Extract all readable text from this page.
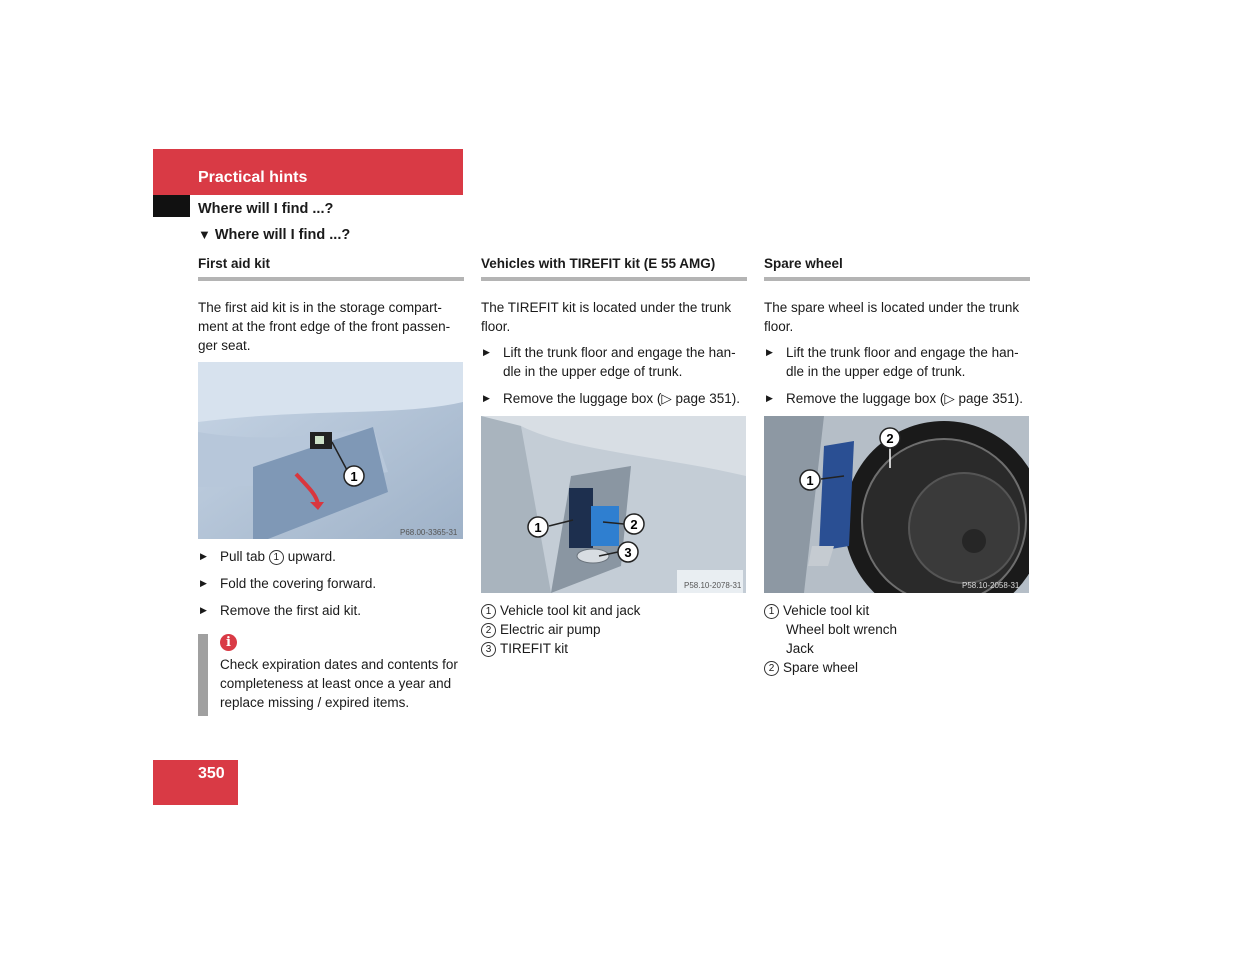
Practical hints
Where will I find ...?
▼ Where will I find ...?
First aid kit

The first aid kit is in the storage compart-ment at the front edge of the front passen-ger seat.

1
P68.00-3365-31
▶ Pull tab 1 upward.
▶ Fold the covering forward.
▶ Remove the first aid kit.
i
Check expiration dates and contents for completeness at least once a year and replace missing / expired items.
Vehicles with TIREFIT kit (E 55 AMG)

The TIREFIT kit is located under the trunk floor.

▶ Lift the trunk floor and engage the han-dle in the upper edge of trunk.
▶ Remove the luggage box (▷ page 351).
1	2
3
P58.10-2078-31
1 Vehicle tool kit and jack
2 Electric air pump
3 TIREFIT kit
Spare wheel

The spare wheel is located under the trunk floor.

▶ Lift the trunk floor and engage the han-dle in the upper edge of trunk.
▶ Remove the luggage box (▷ page 351).
1
2
P58.10-2058-31
1 Vehicle tool kit
Wheel bolt wrench
Jack
2 Spare wheel
350
